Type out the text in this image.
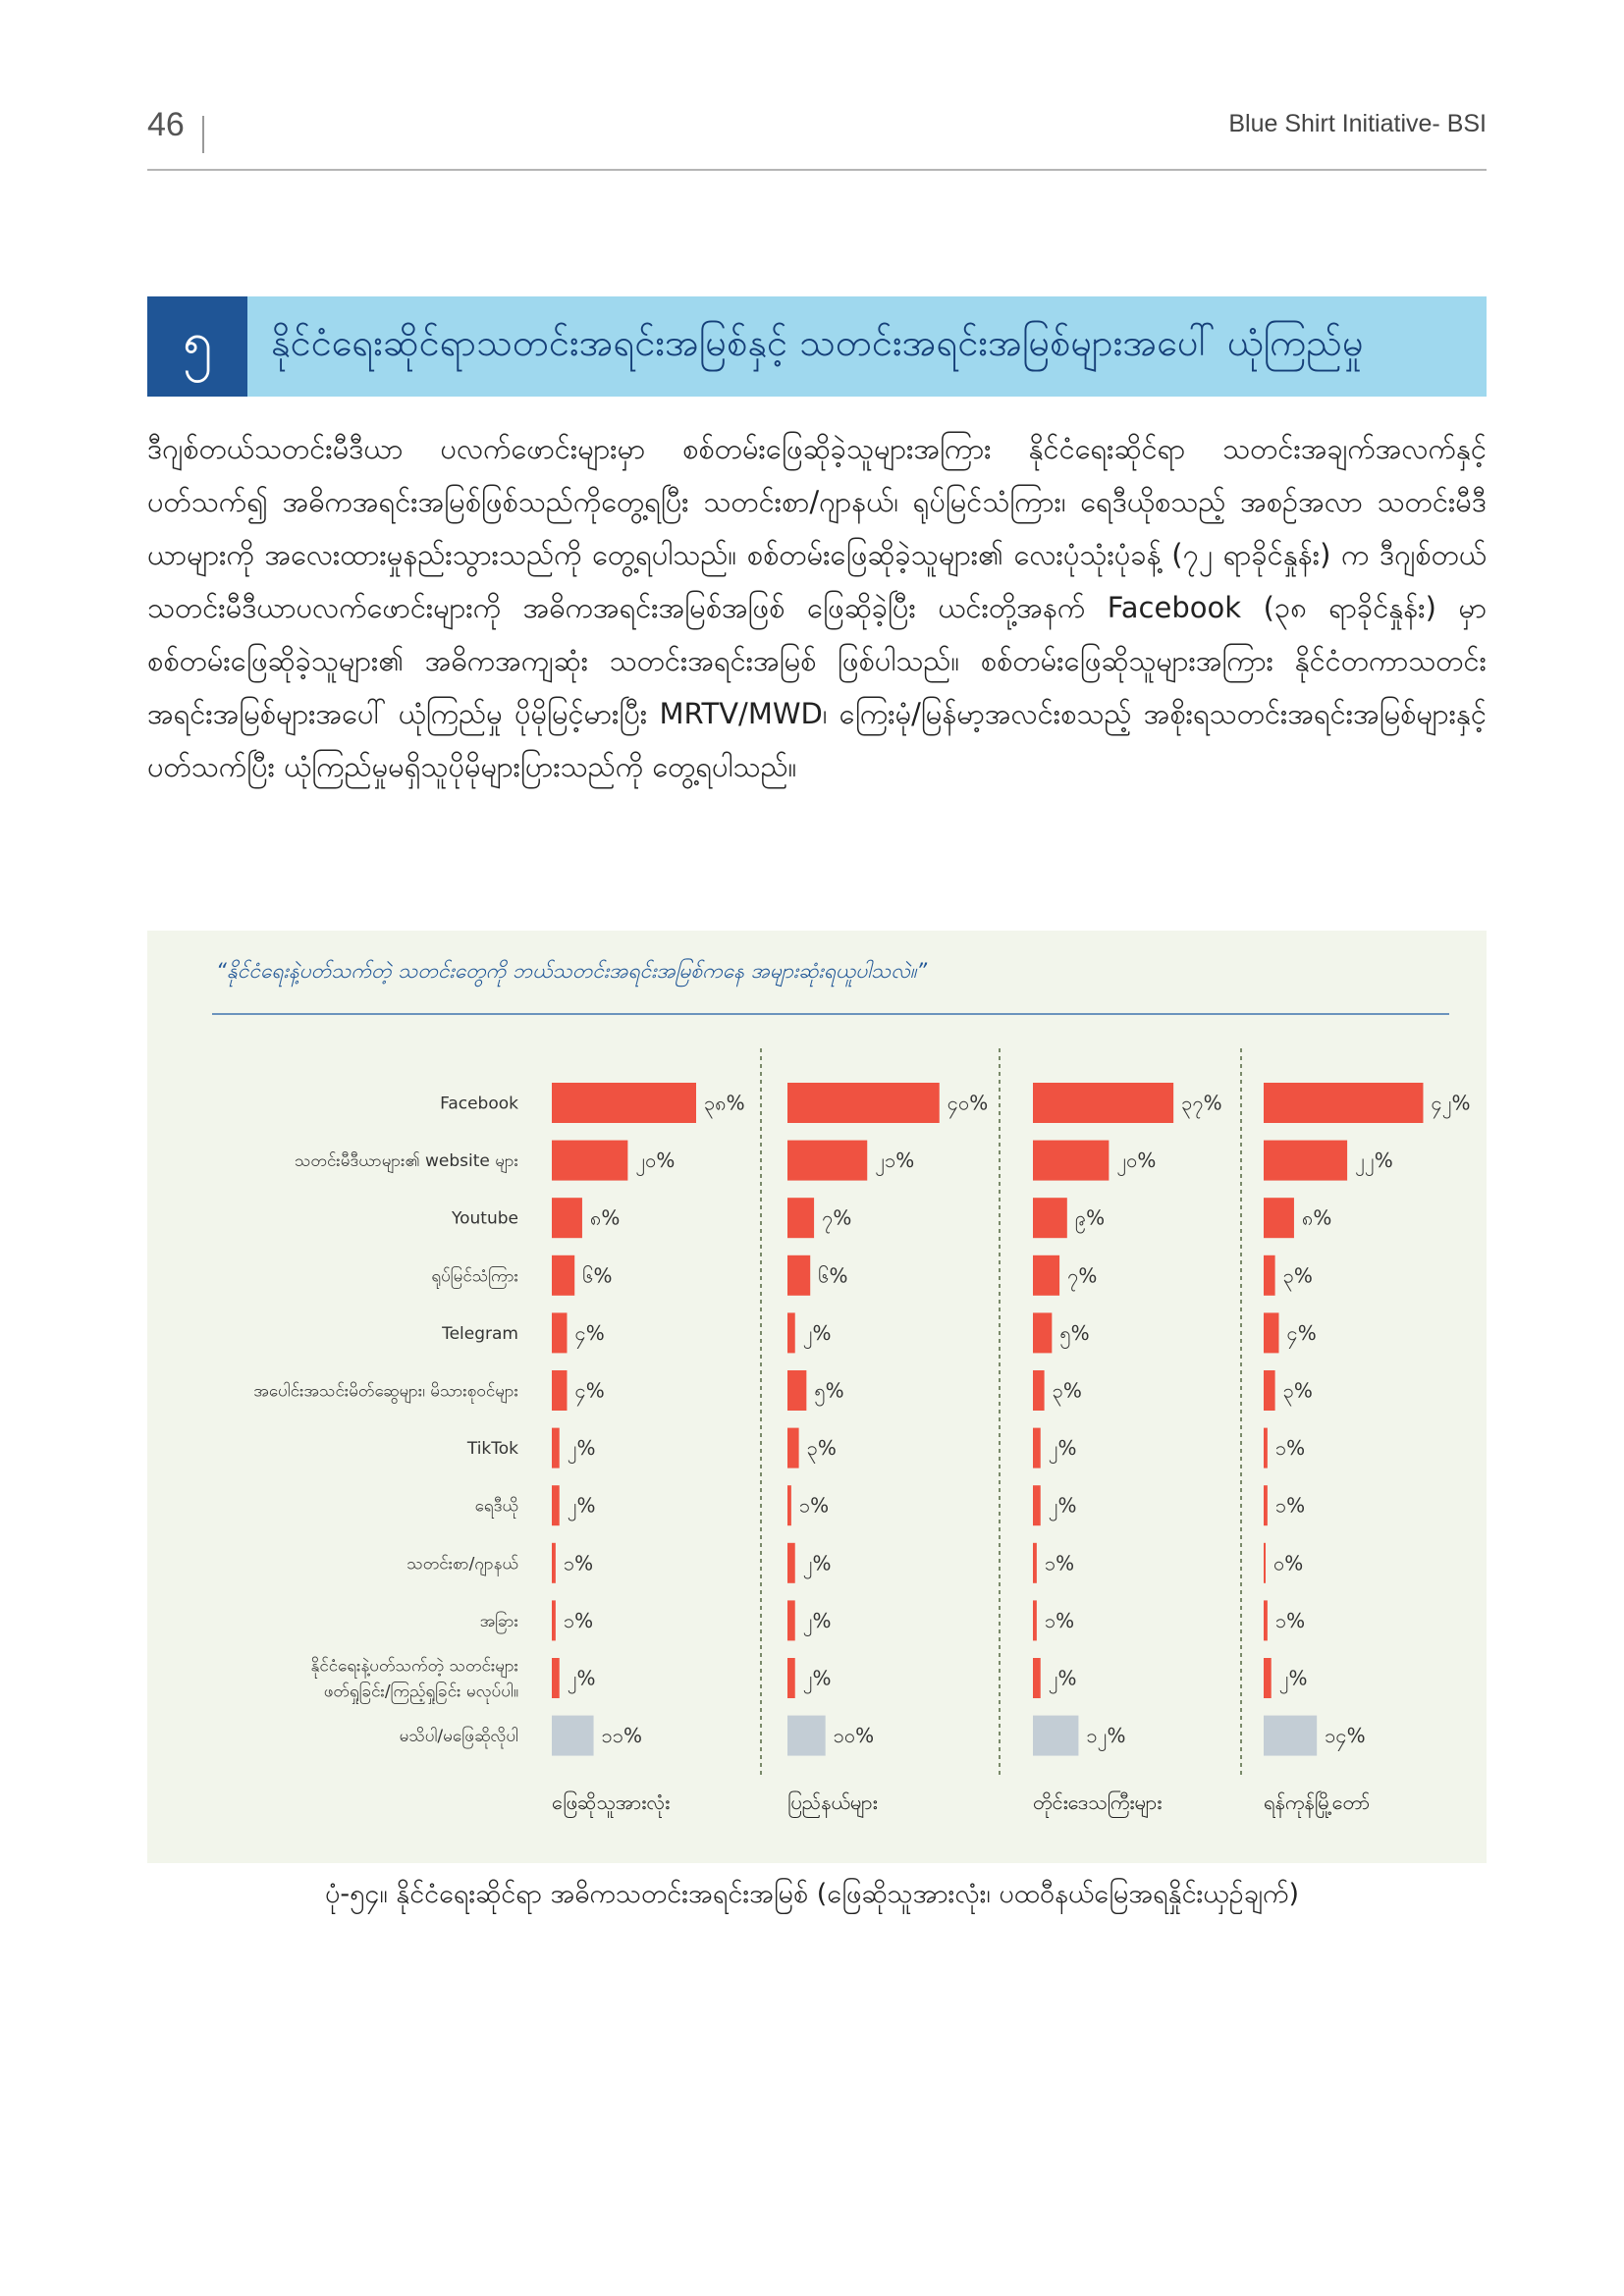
46	Blue Shirt Initiative- BSI
၅	နိုင်ငံရေးဆိုင်ရာသတင်းအရင်းအမြစ်နှင့် သတင်းအရင်းအမြစ်များအပေါ် ယုံကြည်မှု
ဒီဂျစ်တယ်သတင်းမီဒီယာ ပလက်ဖောင်းများမှာ စစ်တမ်းဖြေဆိုခဲ့သူများအကြား နိုင်ငံရေးဆိုင်ရာ သတင်းအချက်အလက်နှင့်ပတ်သက်၍ အဓိကအရင်းအမြစ်ဖြစ်သည်ကိုတွေ့ရပြီး သတင်းစာ/ဂျာနယ်၊ ရုပ်မြင်သံကြား၊ ရေဒီယိုစသည့် အစဉ်အလာ သတင်းမီဒီယာများကို အလေးထားမှုနည်းသွားသည်ကို တွေ့ရပါသည်။ စစ်တမ်းဖြေဆိုခဲ့သူများ၏ လေးပုံသုံးပုံခန့် (၇၂ ရာခိုင်နှုန်း) က ဒီဂျစ်တယ် သတင်းမီဒီယာပလက်ဖောင်းများကို အဓိကအရင်းအမြစ်အဖြစ် ဖြေဆိုခဲ့ပြီး ယင်းတို့အနက် Facebook (၃၈ ရာခိုင်နှုန်း) မှာ စစ်တမ်းဖြေဆိုခဲ့သူများ၏ အဓိကအကျဆုံး သတင်းအရင်းအမြစ် ဖြစ်ပါသည်။ စစ်တမ်းဖြေဆိုသူများအကြား နိုင်ငံတကာသတင်းအရင်းအမြစ်များအပေါ် ယုံကြည်မှု ပိုမိုမြင့်မားပြီး MRTV/MWD၊ ကြေးမုံ/မြန်မာ့အလင်းစသည့် အစိုးရသတင်းအရင်းအမြစ်များနှင့် ပတ်သက်ပြီး ယုံကြည်မှုမရှိသူပိုမိုများပြားသည်ကို တွေ့ရပါသည်။
“နိုင်ငံရေးနဲ့ပတ်သက်တဲ့ သတင်းတွေကို ဘယ်သတင်းအရင်းအမြစ်ကနေ အများဆုံးရယူပါသလဲ။”
Facebook
သတင်းမီဒီယာများ၏ website များ
Youtube
ရုပ်မြင်သံကြား
Telegram
အပေါင်းအသင်းမိတ်ဆွေများ၊ မိသားစုဝင်များ
TikTok
ရေဒီယို
သတင်းစာ/ဂျာနယ်
အခြား
နိုင်ငံရေးနဲ့ပတ်သက်တဲ့ သတင်းများဖတ်ရှုခြင်း/ကြည့်ရှုခြင်း မလုပ်ပါ။
မသိပါ/မဖြေဆိုလိုပါ
၃၈%
၂၀%
၈%
၆%
၄%
၄%
၂%
၂%
၁%
၁%
၂%
၁၁%
ဖြေဆိုသူအားလုံး
၄၀%
၂၁%
၇%
၆%
၂%
၅%
၃%
၁%
၂%
၂%
၂%
၁၀%
ပြည်နယ်များ
၃၇%
၂၀%
၉%
၇%
၅%
၃%
၂%
၂%
၁%
၁%
၂%
၁၂%
တိုင်းဒေသကြီးများ
၄၂%
၂၂%
၈%
၃%
၄%
၃%
၁%
၁%
၀%
၁%
၂%
၁၄%
ရန်ကုန်မြို့တော်
ပုံ-၅၄။ နိုင်ငံရေးဆိုင်ရာ အဓိကသတင်းအရင်းအမြစ် (ဖြေဆိုသူအားလုံး၊ ပထဝီနယ်မြေအရနှိုင်းယှဉ်ချက်)
